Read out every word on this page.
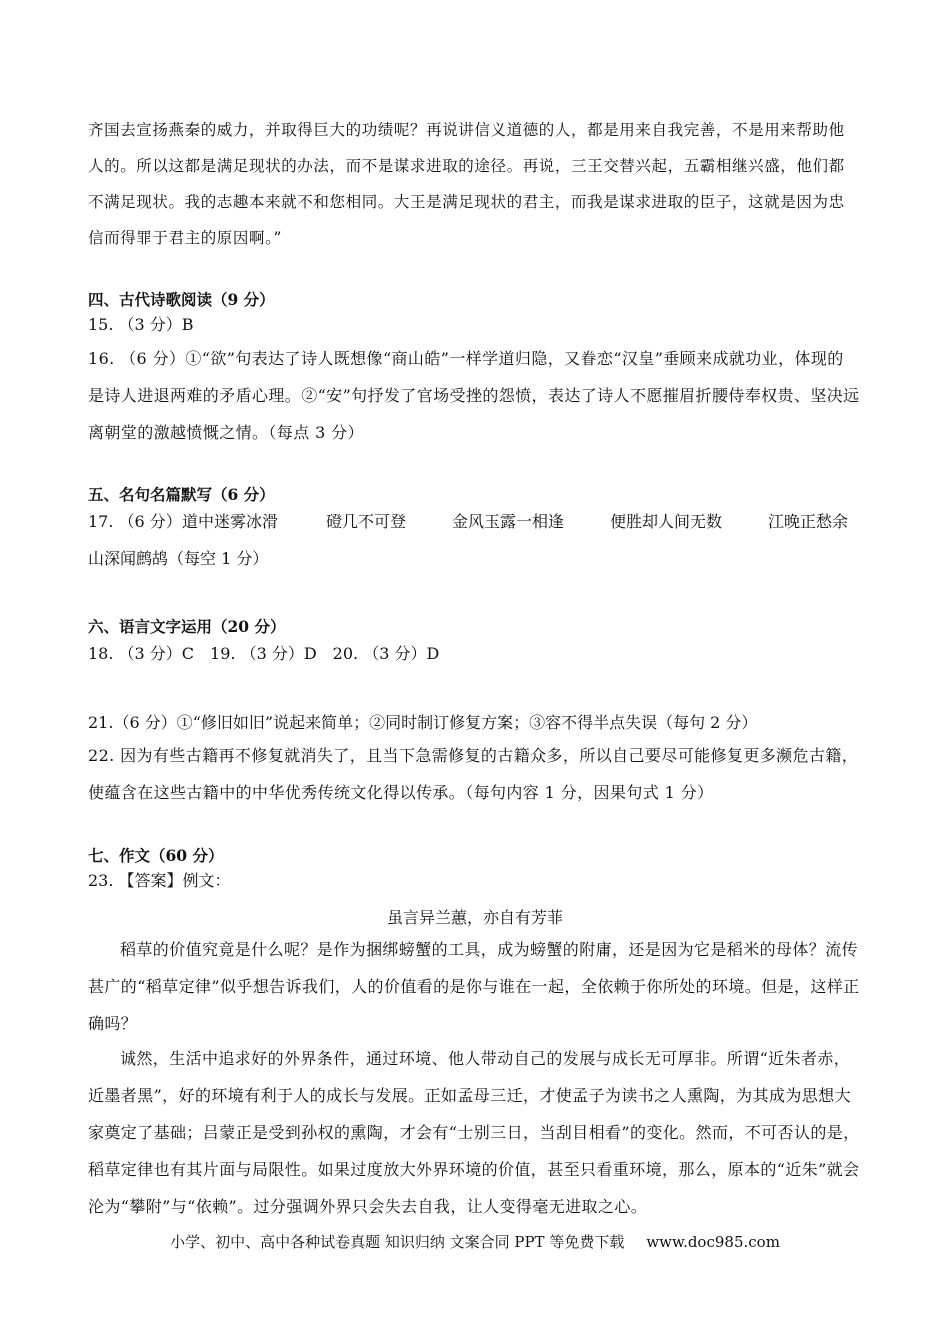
齐国去宣扬燕秦的威力，并取得巨大的功绩呢？再说讲信义道德的人，都是用来自我完善，不是用来帮助他人的。所以这都是满足现状的办法，而不是谋求进取的途径。再说，三王交替兴起，五霸相继兴盛，他们都不满足现状。我的志趣本来就不和您相同。大王是满足现状的君主，而我是谋求进取的臣子，这就是因为忠信而得罪于君主的原因啊。”

四、古代诗歌阅读（9 分）
15. （3 分）B

16. （6 分）①“欲”句表达了诗人既想像“商山皓”一样学道归隐，又眷恋“汉皇”垂顾来成就功业，体现的是诗人进退两难的矛盾心理。②“安”句抒发了官场受挫的怨愤，表达了诗人不愿摧眉折腰侍奉权贵、坚决远离朝堂的激越愤慨之情。（每点 3 分）

五、名句名篇默写（6 分）
17. （6 分） 道中迷雾冰滑	磴几不可登	金风玉露一相逢	便胜却人间无数	江晚正愁余
山深闻鹧鸪（每空 1 分）
六、语言文字运用（20 分）
18. （3 分）C　19. （3 分）D　20. （3 分）D
21.（6 分）①“修旧如旧”说起来简单；②同时制订修复方案；③容不得半点失误（每句 2 分）

22. 因为有些古籍再不修复就消失了，且当下急需修复的古籍众多，所以自己要尽可能修复更多濒危古籍，使蕴含在这些古籍中的中华优秀传统文化得以传承。（每句内容 1 分，因果句式 1 分）

七、作文（60 分）
23. 【答案】例文：
虽言异兰蕙，亦自有芳菲

稻草的价值究竟是什么呢？是作为捆绑螃蟹的工具，成为螃蟹的附庸，还是因为它是稻米的母体？流传甚广的“稻草定律”似乎想告诉我们，人的价值看的是你与谁在一起，全依赖于你所处的环境。但是，这样正确吗？

诚然，生活中追求好的外界条件，通过环境、他人带动自己的发展与成长无可厚非。所谓“近朱者赤，近墨者黑”，好的环境有利于人的成长与发展。正如孟母三迁，才使孟子为读书之人熏陶，为其成为思想大家奠定了基础；吕蒙正是受到孙权的熏陶，才会有“士别三日，当刮目相看”的变化。然而，不可否认的是，稻草定律也有其片面与局限性。如果过度放大外界环境的价值，甚至只看重环境，那么，原本的“近朱”就会沦为“攀附”与“依赖”。过分强调外界只会失去自我，让人变得毫无进取之心。

小学、初中、高中各种试卷真题 知识归纳 文案合同 PPT 等免费下载 www.doc985.com
